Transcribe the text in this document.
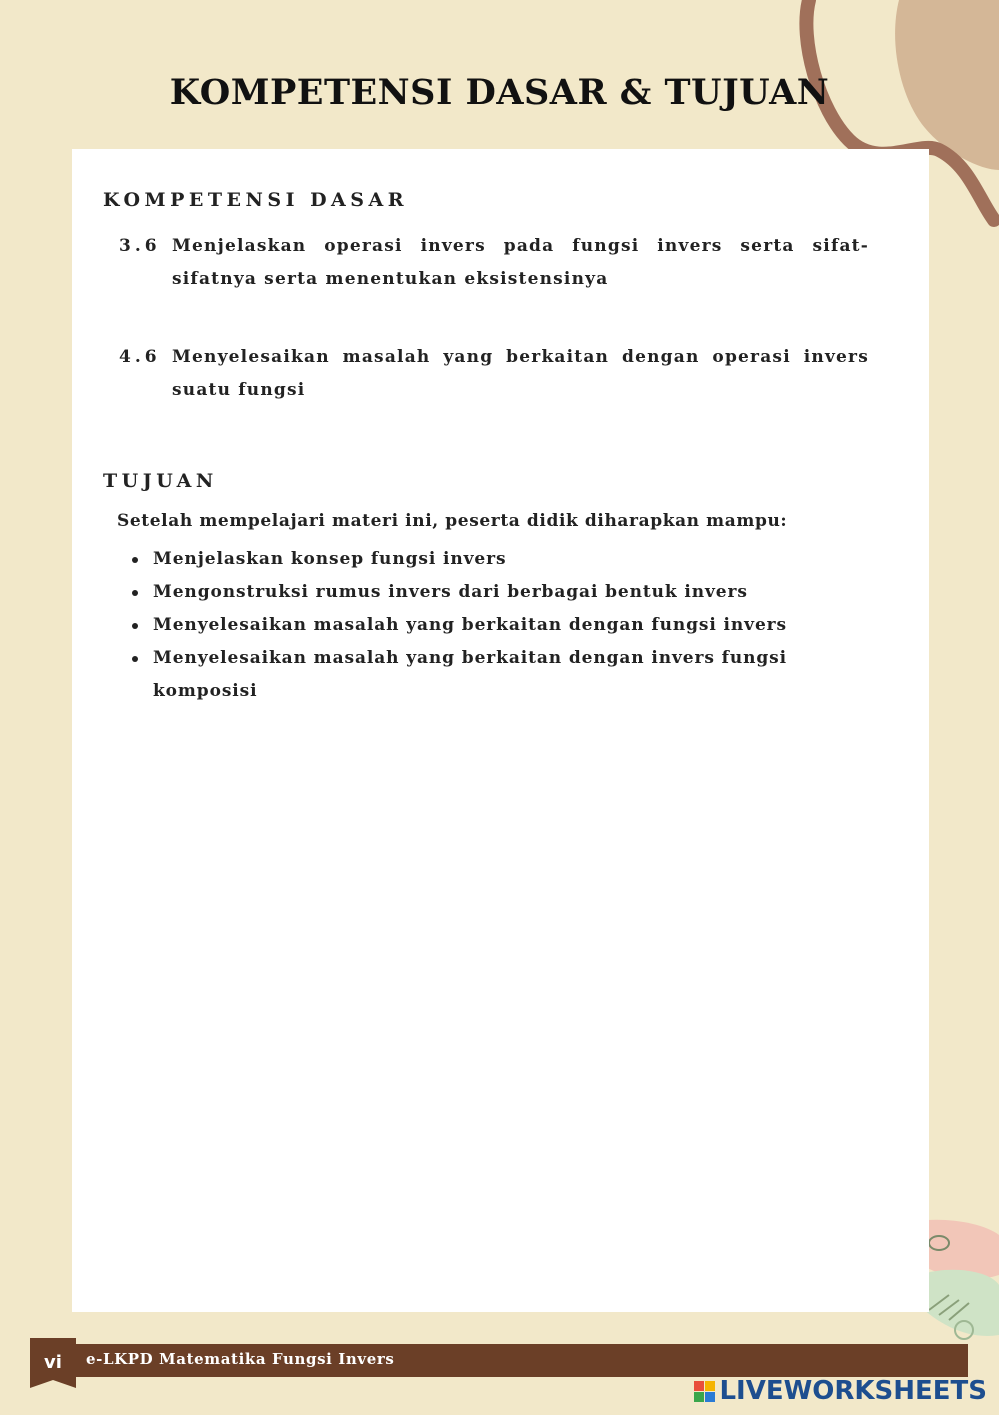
KOMPETENSI DASAR & TUJUAN
KOMPETENSI DASAR
3.6 Menjelaskan operasi invers pada fungsi invers serta sifat-sifatnya serta menentukan eksistensinya
4.6 Menyelesaikan masalah yang berkaitan dengan operasi invers suatu fungsi
TUJUAN
Setelah mempelajari materi ini, peserta didik diharapkan mampu:
Menjelaskan konsep fungsi invers
Mengonstruksi rumus invers dari berbagai bentuk invers
Menyelesaikan masalah yang berkaitan dengan fungsi invers
Menyelesaikan masalah yang berkaitan dengan invers fungsi komposisi
vi	e-LKPD Matematika Fungsi Invers
LIVEWORKSHEETS
